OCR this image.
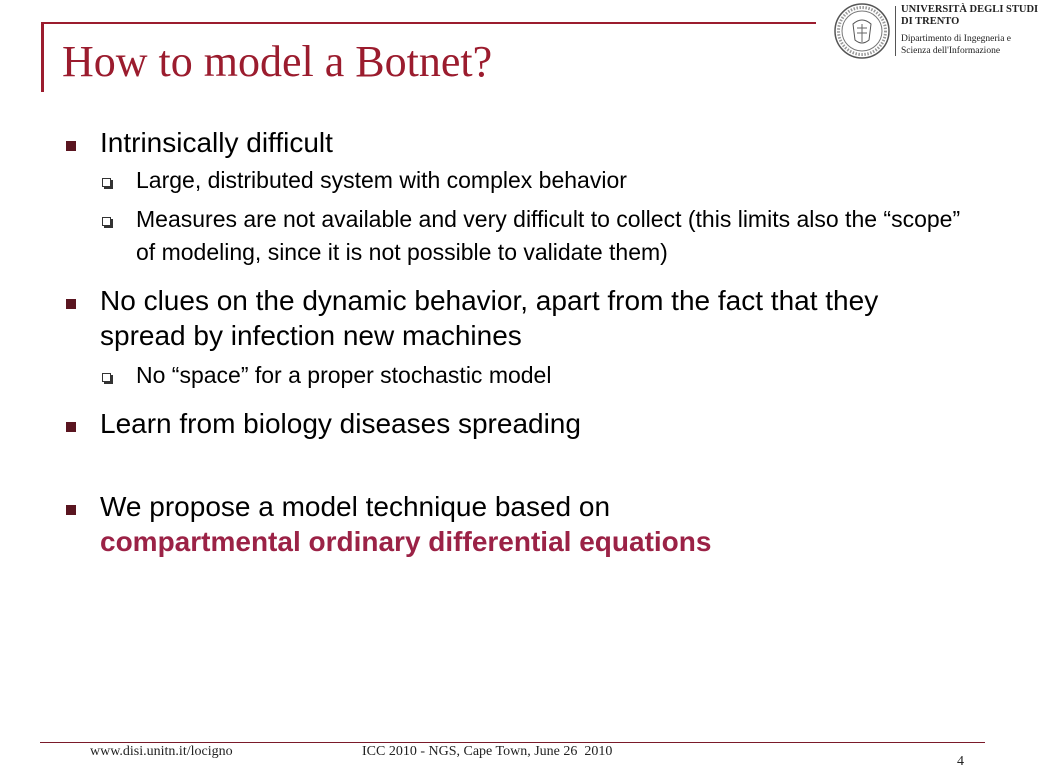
How to model a Botnet?
UNIVERSITÀ DEGLI STUDI
DI TRENTO
Dipartimento di Ingegneria e
Scienza dell'Informazione
Intrinsically difficult
Large, distributed system with complex behavior
Measures are not available and very difficult to collect (this limits also the “scope” of modeling, since it is not possible to validate them)
No clues on the dynamic behavior, apart from the fact that they spread by infection new machines
No “space” for a proper stochastic model
Learn from biology diseases spreading
We propose a model technique based on
compartmental ordinary differential equations
www.disi.unitn.it/locigno	ICC 2010 - NGS, Cape Town, June 26  2010
4
